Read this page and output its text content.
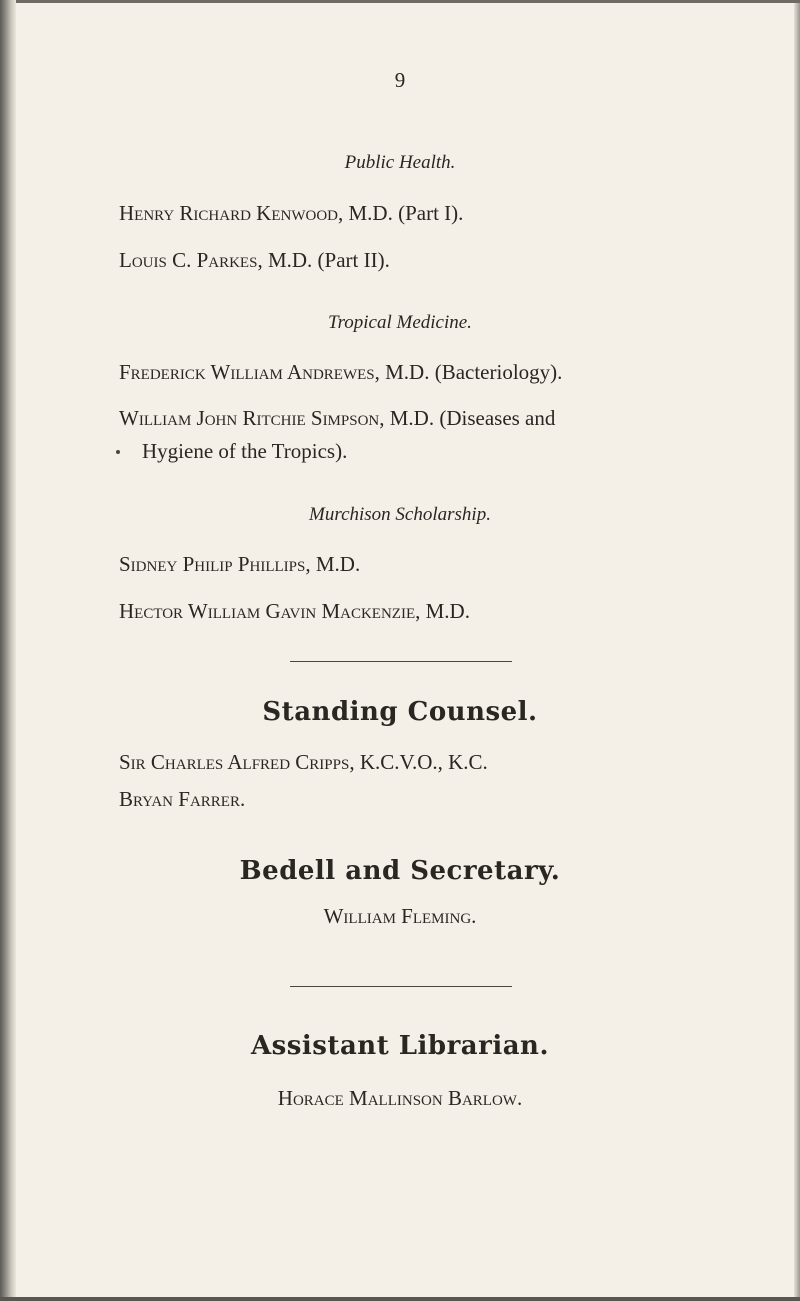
9
Public Health.
Henry Richard Kenwood, M.D. (Part I).
Louis C. Parkes, M.D. (Part II).
Tropical Medicine.
Frederick William Andrewes, M.D. (Bacteriology).
William John Ritchie Simpson, M.D. (Diseases and
Hygiene of the Tropics).
Murchison Scholarship.
Sidney Philip Phillips, M.D.
Hector William Gavin Mackenzie, M.D.
Standing Counsel.
Sir Charles Alfred Cripps, K.C.V.O., K.C.
Bryan Farrer.
Bedell and Secretary.
William Fleming.
Assistant Librarian.
Horace Mallinson Barlow.
